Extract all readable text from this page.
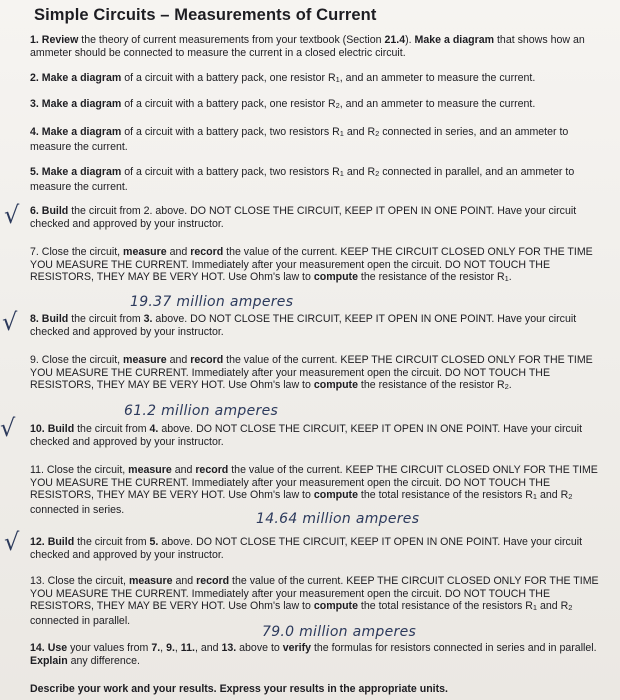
Simple Circuits – Measurements of Current
1. Review the theory of current measurements from your textbook (Section 21.4). Make a diagram that shows how an ammeter should be connected to measure the current in a closed electric circuit.
2. Make a diagram of a circuit with a battery pack, one resistor $R_1$, and an ammeter to measure the current.
3. Make a diagram of a circuit with a battery pack, one resistor $R_2$, and an ammeter to measure the current.
4. Make a diagram of a circuit with a battery pack, two resistors $R_1$ and $R_2$ connected in series, and an ammeter to measure the current.
5. Make a diagram of a circuit with a battery pack, two resistors $R_1$ and $R_2$ connected in parallel, and an ammeter to measure the current.
√ 6. Build the circuit from 2. above. DO NOT CLOSE THE CIRCUIT, KEEP IT OPEN IN ONE POINT. Have your circuit checked and approved by your instructor.
7. Close the circuit, measure and record the value of the current. KEEP THE CIRCUIT CLOSED ONLY FOR THE TIME YOU MEASURE THE CURRENT. Immediately after your measurement open the circuit. DO NOT TOUCH THE RESISTORS, THEY MAY BE VERY HOT. Use Ohm's law to compute the resistance of the resistor $R_1$.
19.37 million amperes
√ 8. Build the circuit from 3. above. DO NOT CLOSE THE CIRCUIT, KEEP IT OPEN IN ONE POINT. Have your circuit checked and approved by your instructor.
9. Close the circuit, measure and record the value of the current. KEEP THE CIRCUIT CLOSED ONLY FOR THE TIME YOU MEASURE THE CURRENT. Immediately after your measurement open the circuit. DO NOT TOUCH THE RESISTORS, THEY MAY BE VERY HOT. Use Ohm's law to compute the resistance of the resistor $R_2$.
61.2 million amperes
√ 10. Build the circuit from 4. above. DO NOT CLOSE THE CIRCUIT, KEEP IT OPEN IN ONE POINT. Have your circuit checked and approved by your instructor.
11. Close the circuit, measure and record the value of the current. KEEP THE CIRCUIT CLOSED ONLY FOR THE TIME YOU MEASURE THE CURRENT. Immediately after your measurement open the circuit. DO NOT TOUCH THE RESISTORS, THEY MAY BE VERY HOT. Use Ohm's law to compute the total resistance of the resistors $R_1$ and $R_2$ connected in series.
14.64 million amperes
√ 12. Build the circuit from 5. above. DO NOT CLOSE THE CIRCUIT, KEEP IT OPEN IN ONE POINT. Have your circuit checked and approved by your instructor.
13. Close the circuit, measure and record the value of the current. KEEP THE CIRCUIT CLOSED ONLY FOR THE TIME YOU MEASURE THE CURRENT. Immediately after your measurement open the circuit. DO NOT TOUCH THE RESISTORS, THEY MAY BE VERY HOT. Use Ohm's law to compute the total resistance of the resistors $R_1$ and $R_2$ connected in parallel.
79.0 million amperes
14. Use your values from 7., 9., 11., and 13. above to verify the formulas for resistors connected in series and in parallel. Explain any difference.
Describe your work and your results. Express your results in the appropriate units.
